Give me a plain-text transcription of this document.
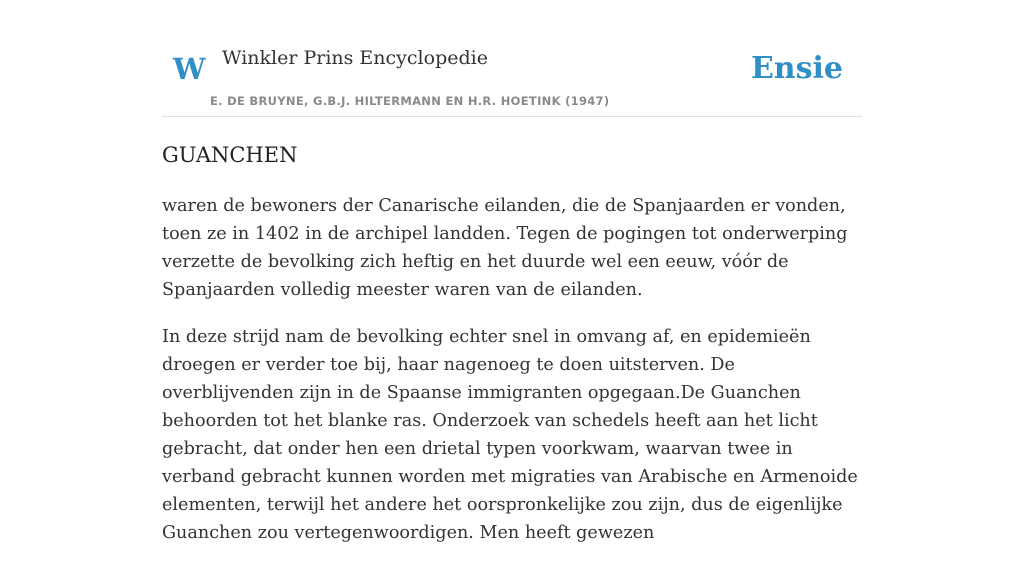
W Winkler Prins Encyclopedie
E. DE BRUYNE, G.B.J. HILTERMANN EN H.R. HOETINK (1947)
Ensie
GUANCHEN

waren de bewoners der Canarische eilanden, die de Spanjaarden er vonden, toen ze in 1402 in de archipel landden. Tegen de pogingen tot onderwerping verzette de bevolking zich heftig en het duurde wel een eeuw, vóór de Spanjaarden volledig meester waren van de eilanden.

In deze strijd nam de bevolking echter snel in omvang af, en epidemieën droegen er verder toe bij, haar nagenoeg te doen uitsterven. De overblijvenden zijn in de Spaanse immigranten opgegaan.De Guanchen behoorden tot het blanke ras. Onderzoek van schedels heeft aan het licht gebracht, dat onder hen een drietal typen voorkwam, waarvan twee in verband gebracht kunnen worden met migraties van Arabische en Armenoide elementen, terwijl het andere het oorspronkelijke zou zijn, dus de eigenlijke Guanchen zou vertegenwoordigen. Men heeft gewezen
